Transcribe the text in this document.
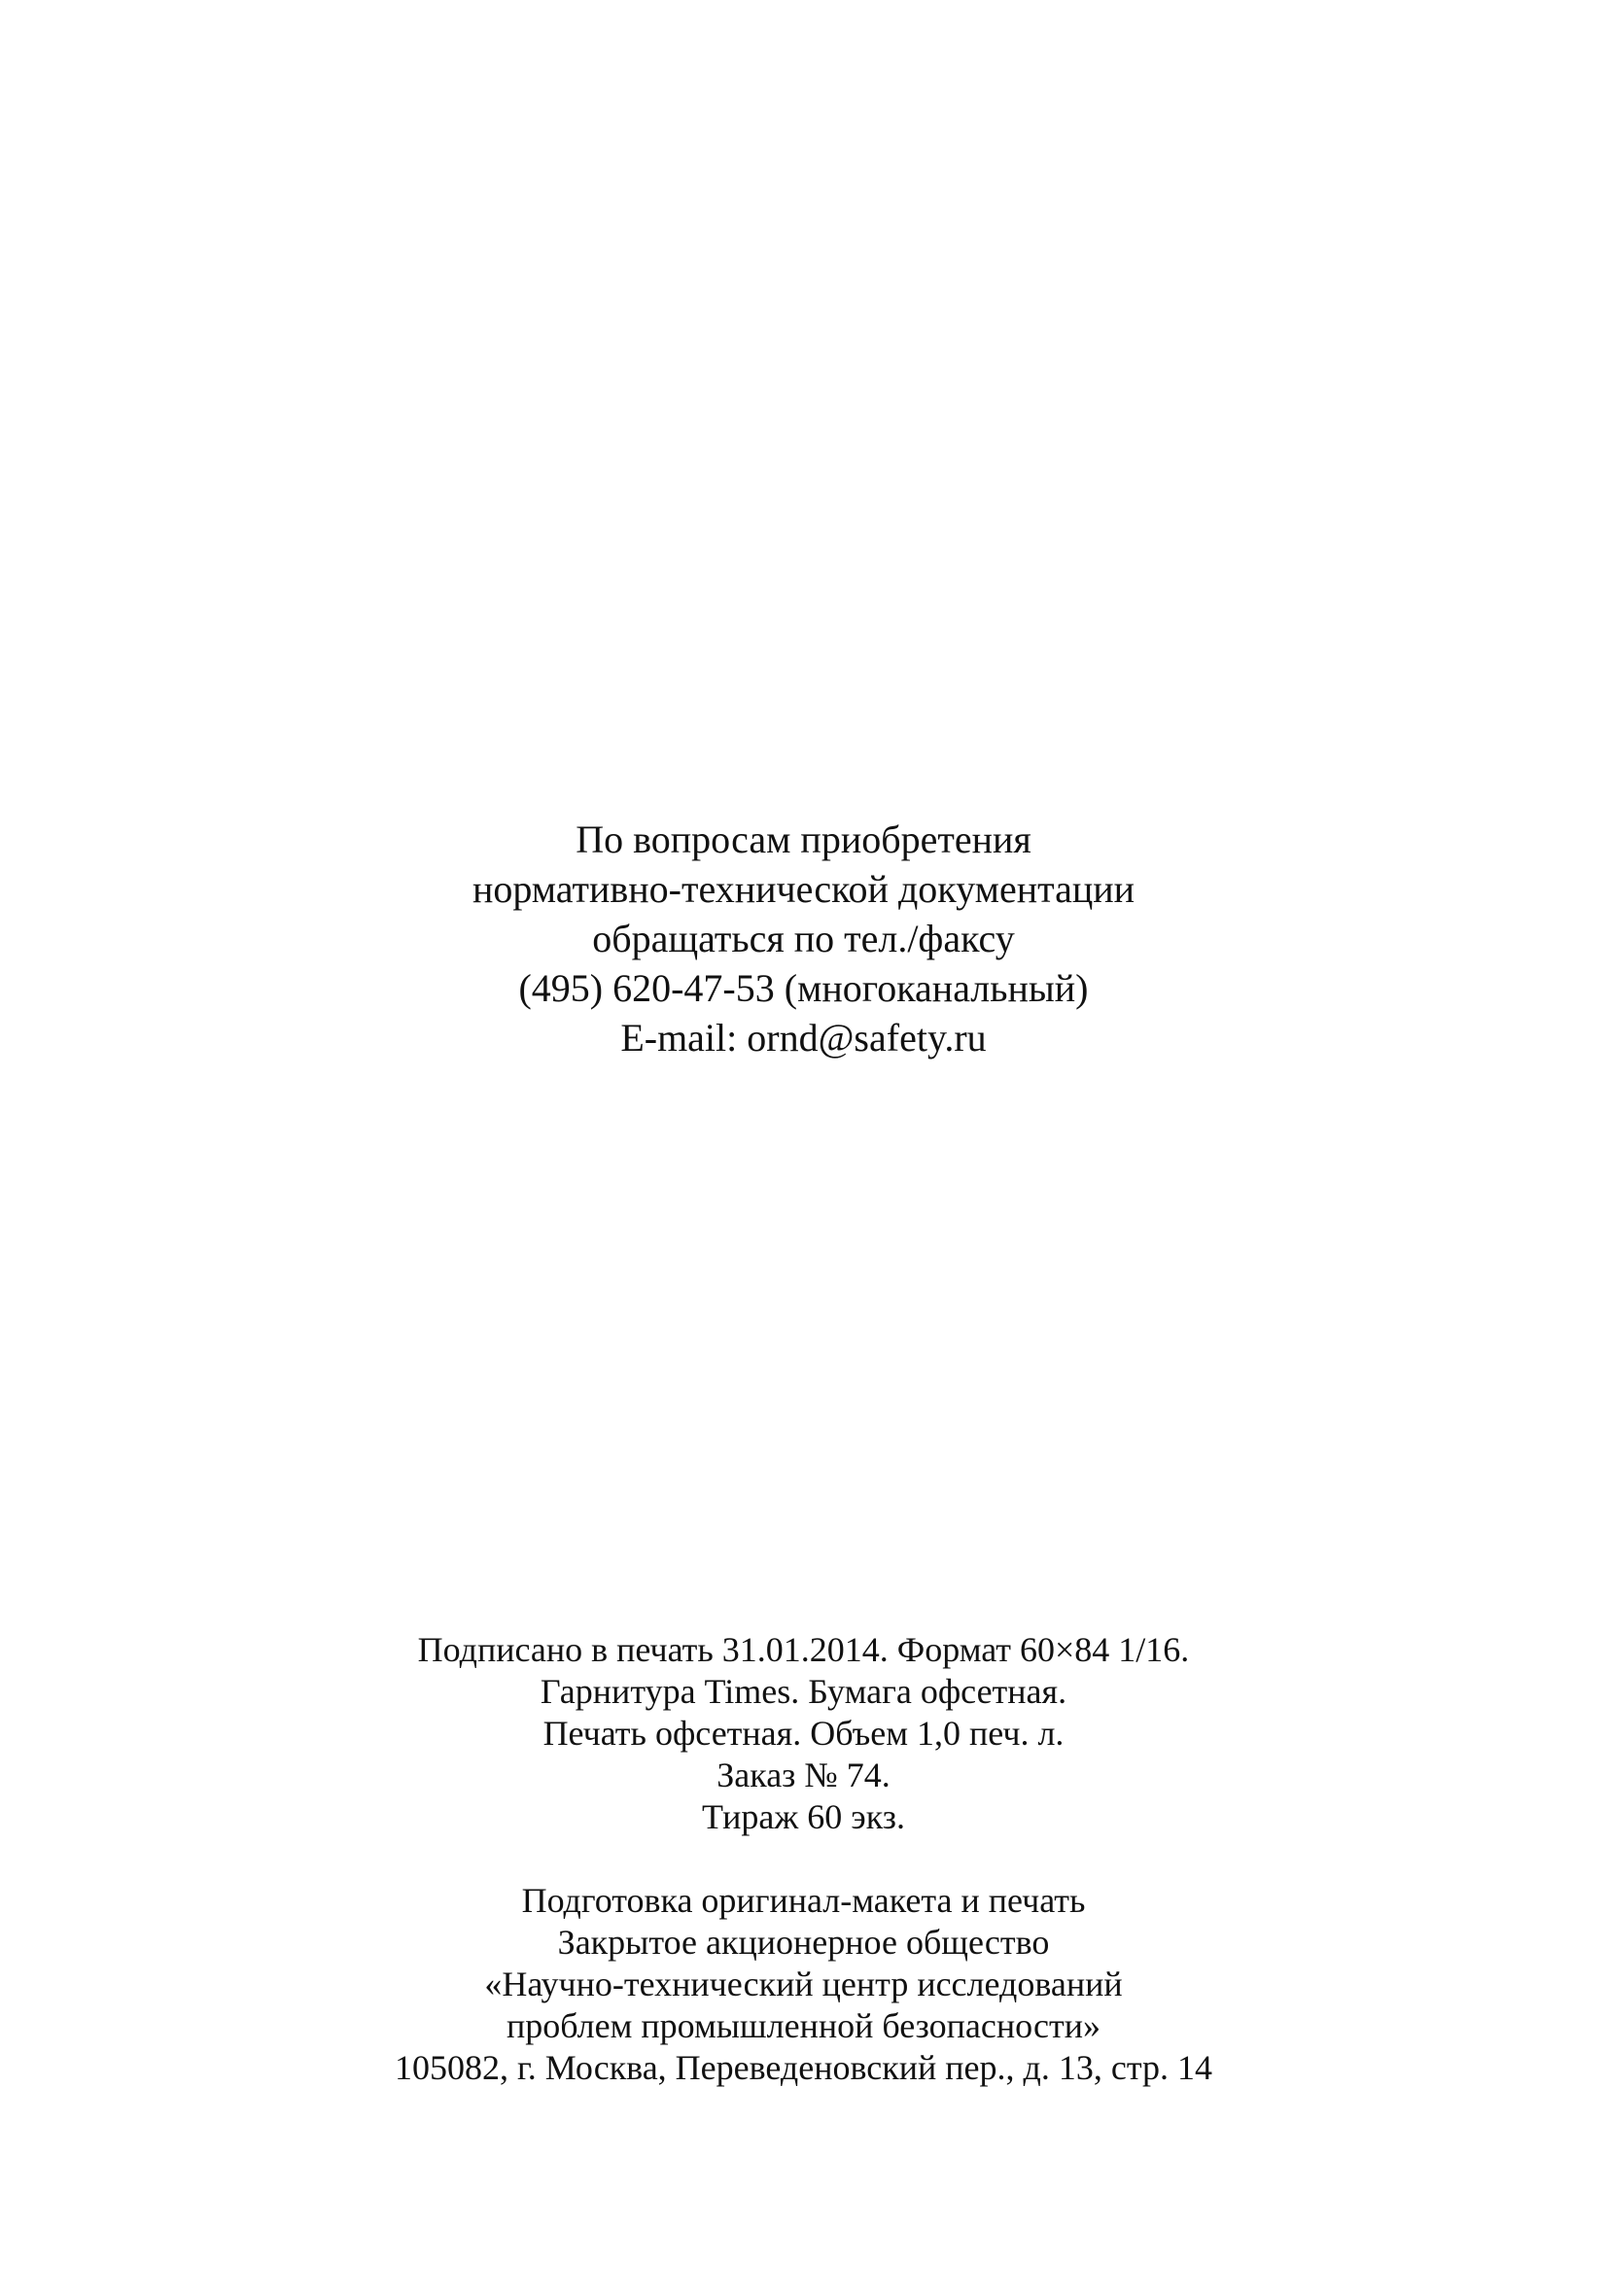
По вопросам приобретения
нормативно-технической документации
обращаться по тел./факсу
(495) 620-47-53 (многоканальный)
E-mail: ornd@safety.ru
Подписано в печать 31.01.2014. Формат 60×84 1/16.
Гарнитура Times. Бумага офсетная.
Печать офсетная. Объем 1,0 печ. л.
Заказ № 74.
Тираж 60 экз.
Подготовка оригинал-макета и печать
Закрытое акционерное общество
«Научно-технический центр исследований
проблем промышленной безопасности»
105082, г. Москва, Переведеновский пер., д. 13, стр. 14
